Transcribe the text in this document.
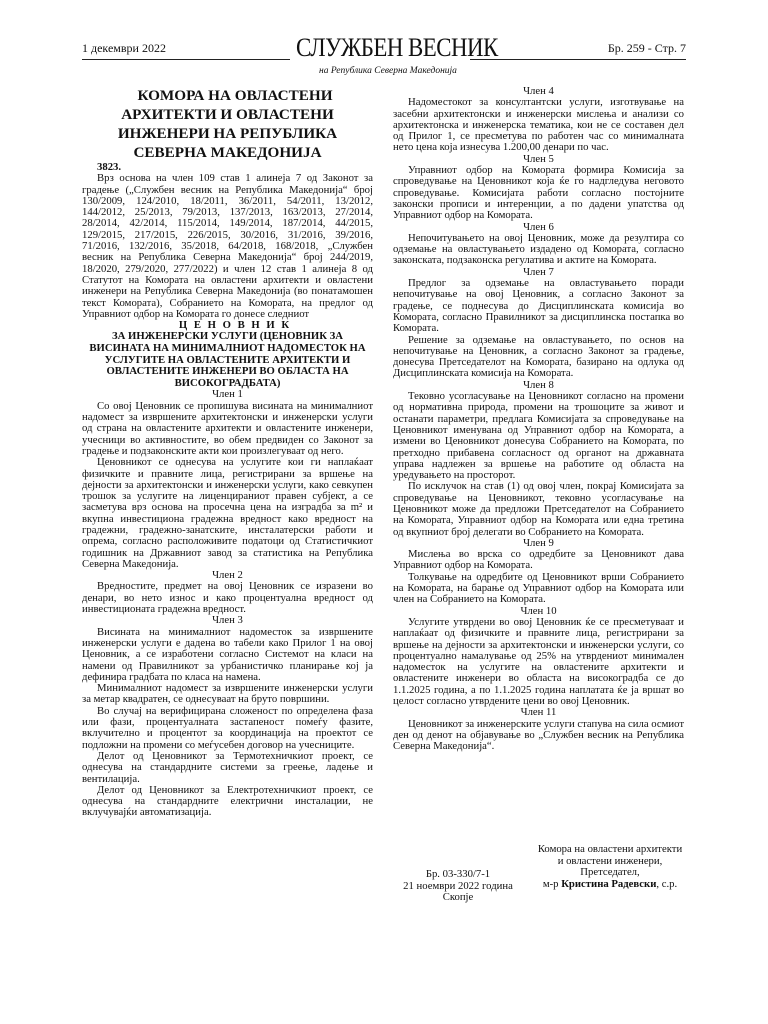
1 декември 2022	СЛУЖБЕН ВЕСНИК
на Република Северна Македонија
Бр. 259 - Стр. 7

КОМОРА НА ОВЛАСТЕНИ АРХИТЕКТИ И ОВЛАСТЕНИ ИНЖЕНЕРИ НА РЕПУБЛИКА СЕВЕРНА МАКЕДОНИЈА

3823.

Врз основа на член 109 став 1 алинеја 7 од Законот за градење („Службен весник на Република Македонија“ број 130/2009, 124/2010, 18/2011, 36/2011, 54/2011, 13/2012, 144/2012, 25/2013, 79/2013, 137/2013, 163/2013, 27/2014, 28/2014, 42/2014, 115/2014, 149/2014, 187/2014, 44/2015, 129/2015, 217/2015, 226/2015, 30/2016, 31/2016, 39/2016, 71/2016, 132/2016, 35/2018, 64/2018, 168/2018, „Службен весник на Република Северна Македонија“ број 244/2019, 18/2020, 279/2020, 277/2022) и член 12 став 1 алинеја 8 од Статутот на Комората на овластени архитекти и овластени инженери на Република Северна Македонија (во понатамошен текст Комората), Собранието на Комората, на предлог од Управниот одбор на Комората го донесе следниот

Ц Е Н О В Н И К

ЗА ИНЖЕНЕРСКИ УСЛУГИ (ЦЕНОВНИК ЗА ВИСИНАТА НА МИНИМАЛНИОТ НАДОМЕСТОК НА УСЛУГИТЕ НА ОВЛАСТЕНИТЕ АРХИТЕКТИ И ОВЛАСТЕНИТЕ ИНЖЕНЕРИ ВО ОБЛАСТА НА ВИСОКОГРАДБАТА)

Член 1

Со овој Ценовник се пропишува висината на минималниот надомест за извршените архитектонски и инженерски услуги од страна на овластените архитекти и овластените инженери, учесници во активностите, во обем предвиден со Законот за градење и подзаконските акти кои произлегуваат од него.

Ценовникот се однесува на услугите кои ги наплаќаат физичките и правните лица, регистрирани за вршење на дејности за архитектонски и инженерски услуги, како севкупен трошок за услугите на лиценцираниот правен субјект, а се засметува врз основа на просечна цена на изградба за m² и вкупна инвестициона градежна вредност како вредност на градежни, градежно-занатските, инсталатерски работи и опрема, согласно расположивите податоци од Статистичкиот годишник на Државниот завод за статистика на Република Северна Македонија.

Член 2

Вредностите, предмет на овој Ценовник се изразени во денари, во нето износ и како процентуална вредност од инвестиционата градежна вредност.

Член 3

Висината на минималниот надоместок за извршените инженерски услуги е дадена во табели како Прилог 1 на овој Ценовник, а се изработени согласно Системот на класи на намени од Правилникот за урбанистичко планирање кој ја дефинира градбата по класа на намена.

Минималниот надомест за извршените инженерски услуги за метар квадратен, се однесуваат на бруто површини.

Во случај на верифицирана сложеност по определена фаза или фази, процентуалната застапеност помеѓу фазите, вклучително и процентот за координација на проектот се подложни на промени со меѓусебен договор на учесниците.

Делот од Ценовникот за Термотехничкиот проект, се однесува на стандардните системи за греење, ладење и вентилација.

Делот од Ценовникот за Електротехничкиот проект, се однесува на стандардните електрични инсталации, не вклучувајќи автоматизација.

Член 4

Надоместокот за консултантски услуги, изготвување на засебни архитектонски и инженерски мислења и анализи со архитектонска и инженерска тематика, кои не се составен дел од Прилог 1, се пресметува по работен час со минималната нето цена која изнесува 1.200,00 денари по час.

Член 5

Управниот одбор на Комората формира Комисија за спроведување на Ценовникот која ќе го надгледува неговото спроведување. Комисијата работи согласно постојните законски прописи и интеренции, а по дадени упатства од Управниот одбор на Комората.

Член 6

Непочитувањето на овој Ценовник, може да резултира со одземање на овластувањето издадено од Комората, согласно законската, подзаконска регулатива и актите на Комората.

Член 7

Предлог за одземање на овластувањето поради непочитување на овој Ценовник, а согласно Законот за градење, се поднесува до Дисциплинската комисија во Комората, согласно Правилникот за дисциплинска постапка во Комората.

Решение за одземање на овластувањето, по основ на непочитување на Ценовник, а согласно Законот за градење, донесува Претседателот на Комората, базирано на одлука од Дисциплинската комисија на Комората.

Член 8

Тековно усогласување на Ценовникот согласно на промени од нормативна природа, промени на трошоците за живот и останати параметри, предлага Комисијата за спроведување на Ценовникот именувана од Управниот одбор на Комората, а измени во Ценовникот донесува Собранието на Комората, по претходно прибавена согласност од органот на државната управа надлежен за вршење на работите од областа на уредувањето на просторот.

По исклучок на став (1) од овој член, покрај Комисијата за спроведување на Ценовникот, тековно усогласување на Ценовникот може да предложи Претседателот на Собранието на Комората, Управниот одбор на Комората или една третина од вкупниот број делегати во Собранието на Комората.

Член 9

Мислења во врска со одредбите за Ценовникот дава Управниот одбор на Комората.

Толкување на одредбите од Ценовникот врши Собранието на Комората, на барање од Управниот одбор на Комората или член на Собранието на Комората.

Член 10

Услугите утврдени во овој Ценовник ќе се пресметуваат и наплаќаат од физичките и правните лица, регистрирани за вршење на дејности за архитектонски и инженерски услуги, со процентуално намалување од 25% на утврдениот минимален надоместок на услугите на овластените архитекти и овластените инженери во областа на високоградба се до 1.1.2025 година, а по 1.1.2025 година наплатата ќе ја вршат во целост согласно утврдените цени во овој Ценовник.

Член 11

Ценовникот за инженерските услуги стапува на сила осмиот ден од денот на објавување во „Службен весник на Република Северна Македонија“.

Бр. 03-330/7-1
21 ноември 2022 година
Скопје
Комора на овластени архитекти и овластени инженери,
Претседател,
м-р Кристина Радевски, с.р.
